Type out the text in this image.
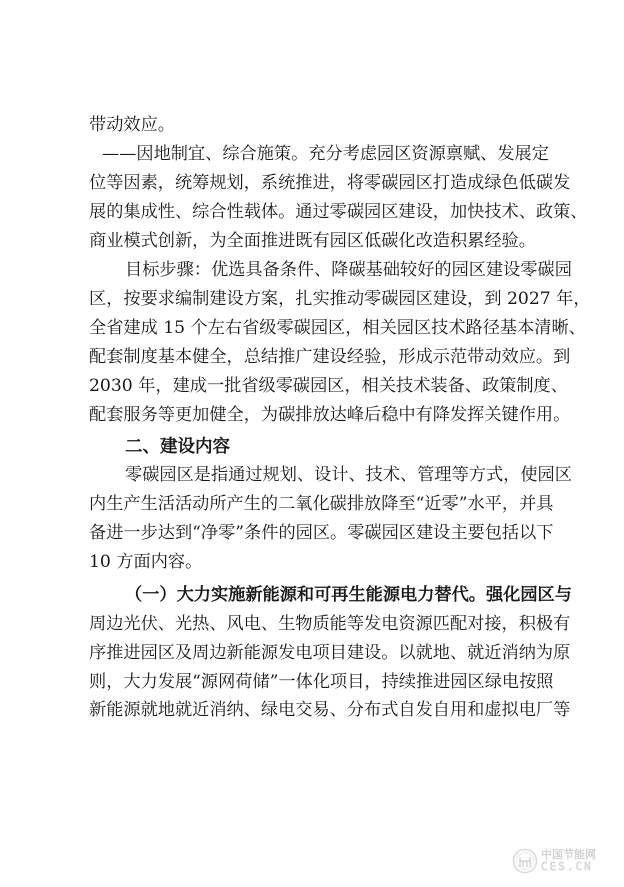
带动效应。
——因地制宜、综合施策。充分考虑园区资源禀赋、发展定
位等因素，统筹规划，系统推进，将零碳园区打造成绿色低碳发
展的集成性、综合性载体。通过零碳园区建设，加快技术、政策、
商业模式创新，为全面推进既有园区低碳化改造积累经验。
目标步骤：优选具备条件、降碳基础较好的园区建设零碳园
区，按要求编制建设方案，扎实推动零碳园区建设，到 2027 年，
全省建成 15 个左右省级零碳园区，相关园区技术路径基本清晰、
配套制度基本健全，总结推广建设经验，形成示范带动效应。到
2030 年，建成一批省级零碳园区，相关技术装备、政策制度、
配套服务等更加健全，为碳排放达峰后稳中有降发挥关键作用。
二、建设内容
零碳园区是指通过规划、设计、技术、管理等方式，使园区
内生产生活活动所产生的二氧化碳排放降至“近零”水平，并具
备进一步达到“净零”条件的园区。零碳园区建设主要包括以下
10 方面内容。
（一）大力实施新能源和可再生能源电力替代。强化园区与
周边光伏、光热、风电、生物质能等发电资源匹配对接，积极有
序推进园区及周边新能源发电项目建设。以就地、就近消纳为原
则，大力发展“源网荷储”一体化项目，持续推进园区绿电按照
新能源就地就近消纳、绿电交易、分布式自发自用和虚拟电厂等
中国节能网
CES.CN
